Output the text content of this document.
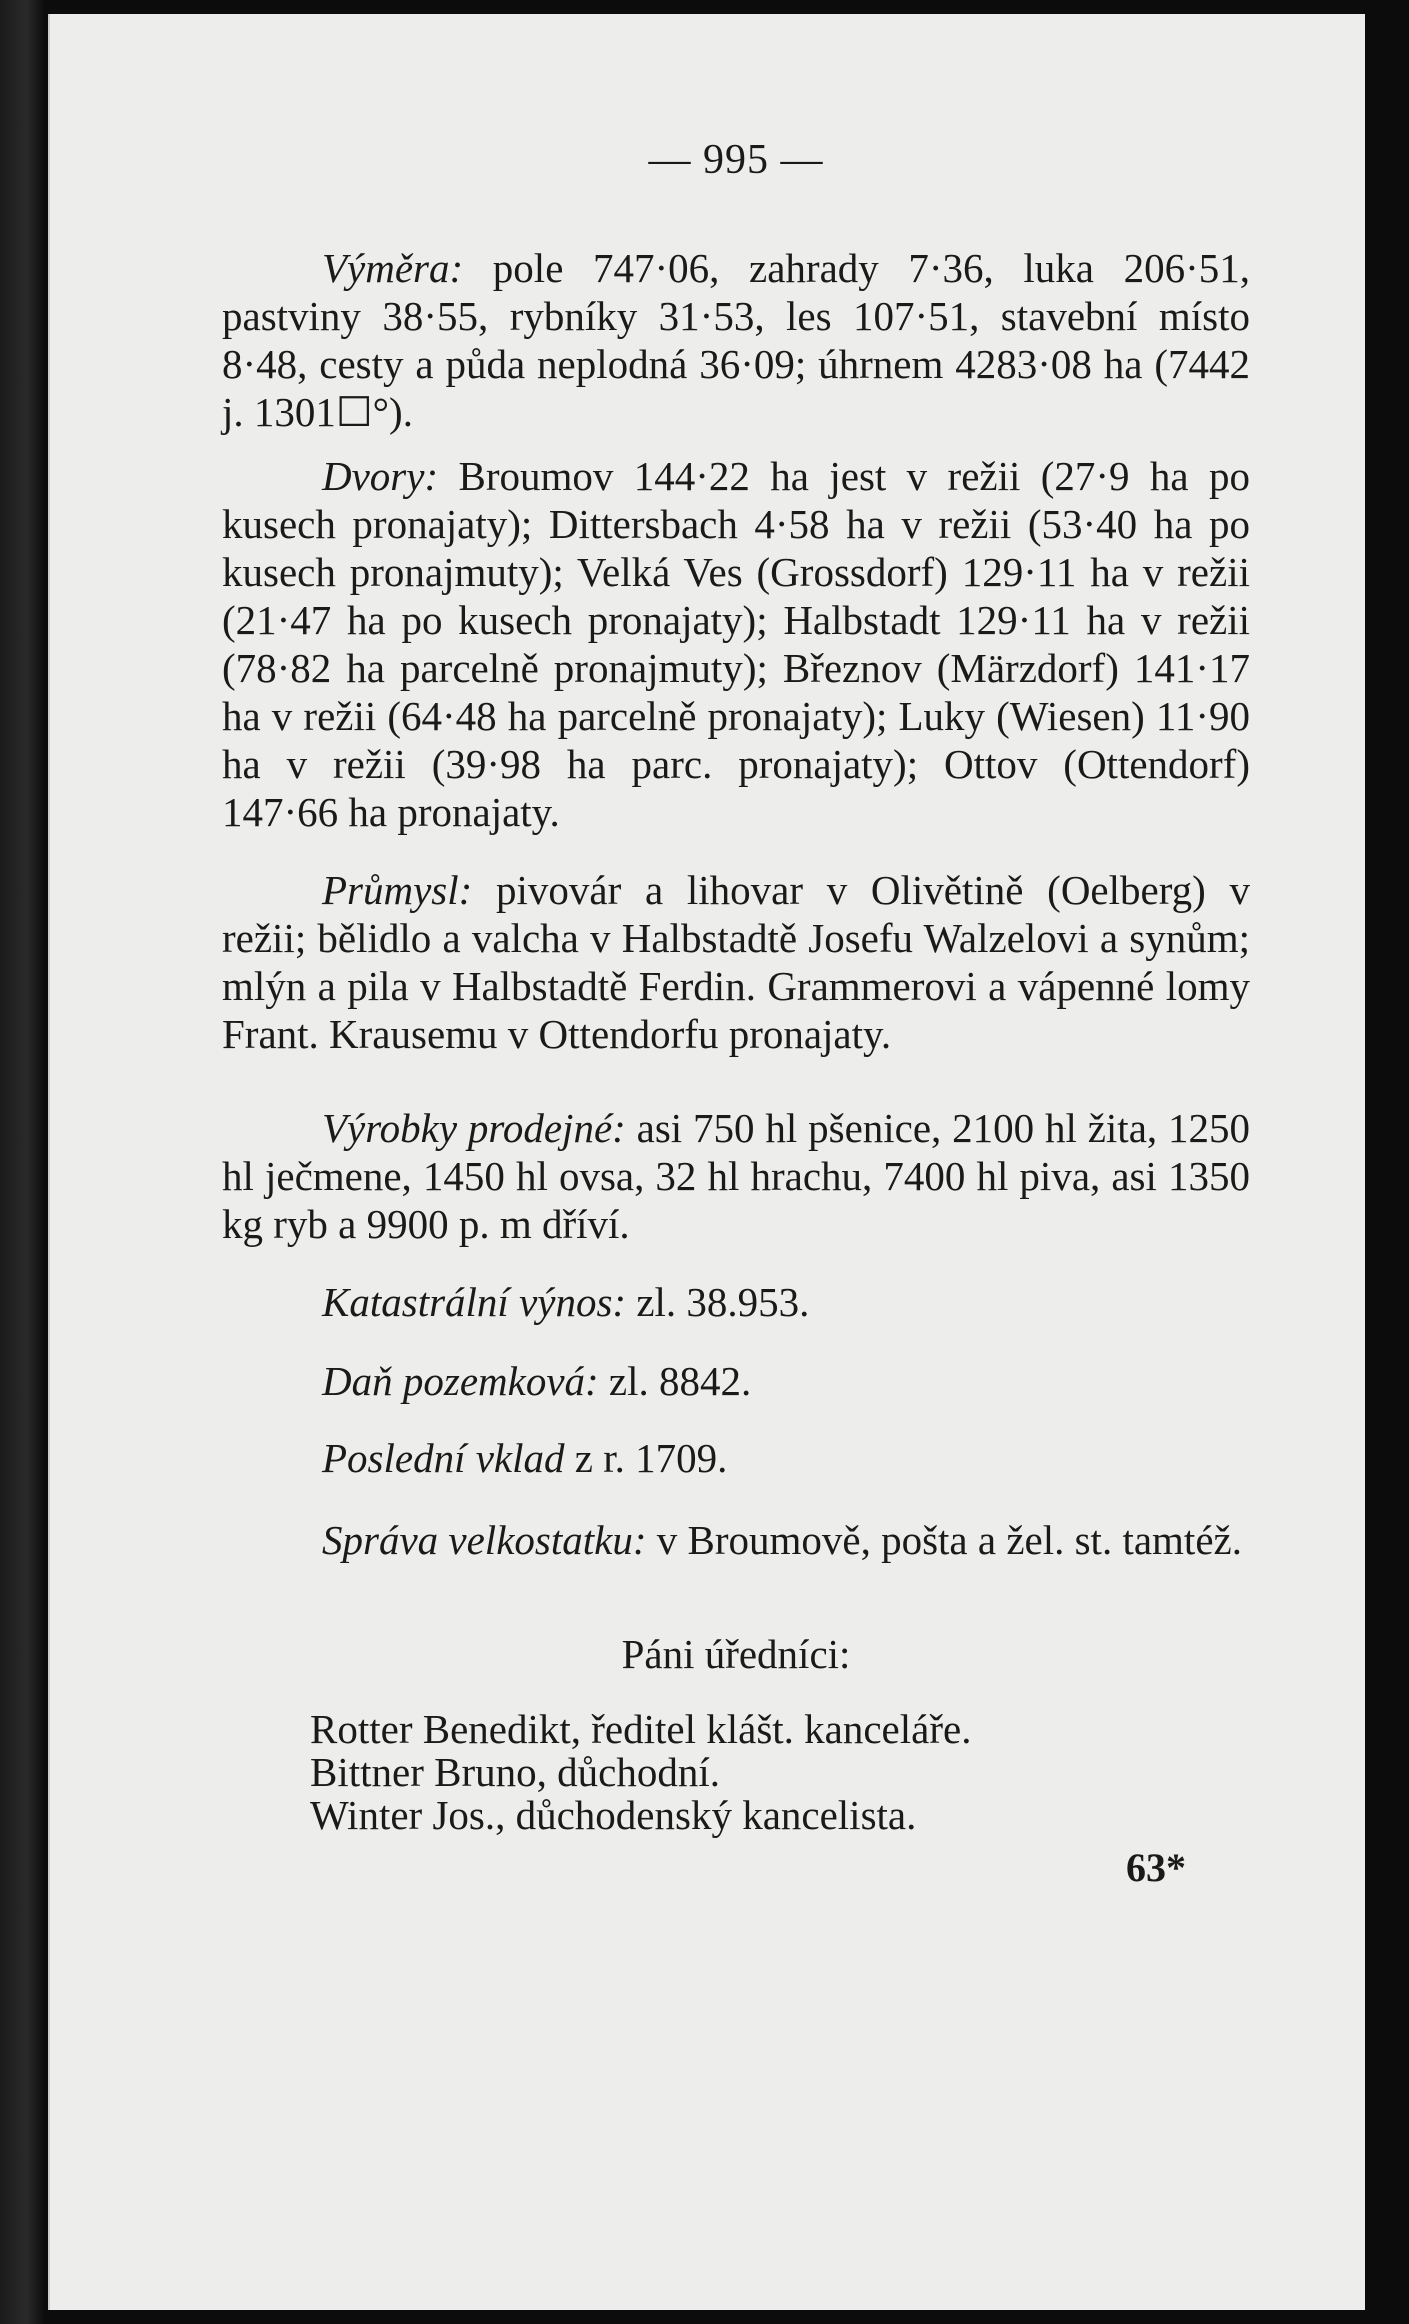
— 995 —

Výměra: pole 747·06, zahrady 7·36, luka 206·51, pastviny 38·55, rybníky 31·53, les 107·51, stavební místo 8·48, cesty a půda neplodná 36·09; úhrnem 4283·08 ha (7442 j. 1301☐°).

Dvory: Broumov 144·22 ha jest v režii (27·9 ha po kusech pronajaty); Dittersbach 4·58 ha v režii (53·40 ha po kusech pronajmuty); Velká Ves (Grossdorf) 129·11 ha v režii (21·47 ha po kusech pronajaty); Halbstadt 129·11 ha v režii (78·82 ha parcelně pronajmuty); Březnov (Märzdorf) 141·17 ha v režii (64·48 ha parcelně pronajaty); Luky (Wiesen) 11·90 ha v režii (39·98 ha parc. pronajaty); Ottov (Ottendorf) 147·66 ha pronajaty.

Průmysl: pivovár a lihovar v Olivětině (Oelberg) v režii; bělidlo a valcha v Halbstadtě Josefu Walzelovi a synům; mlýn a pila v Halbstadtě Ferdin. Grammerovi a vápenné lomy Frant. Krausemu v Ottendorfu pronajaty.

Výrobky prodejné: asi 750 hl pšenice, 2100 hl žita, 1250 hl ječmene, 1450 hl ovsa, 32 hl hrachu, 7400 hl piva, asi 1350 kg ryb a 9900 p. m dříví.

Katastrální výnos: zl. 38.953.

Daň pozemková: zl. 8842.

Poslední vklad z r. 1709.

Správa velkostatku: v Broumově, pošta a žel. st. tamtéž.

Páni úředníci:
Rotter Benedikt, ředitel klášt. kanceláře.
Bittner Bruno, důchodní.
Winter Jos., důchodenský kancelista.
63*
